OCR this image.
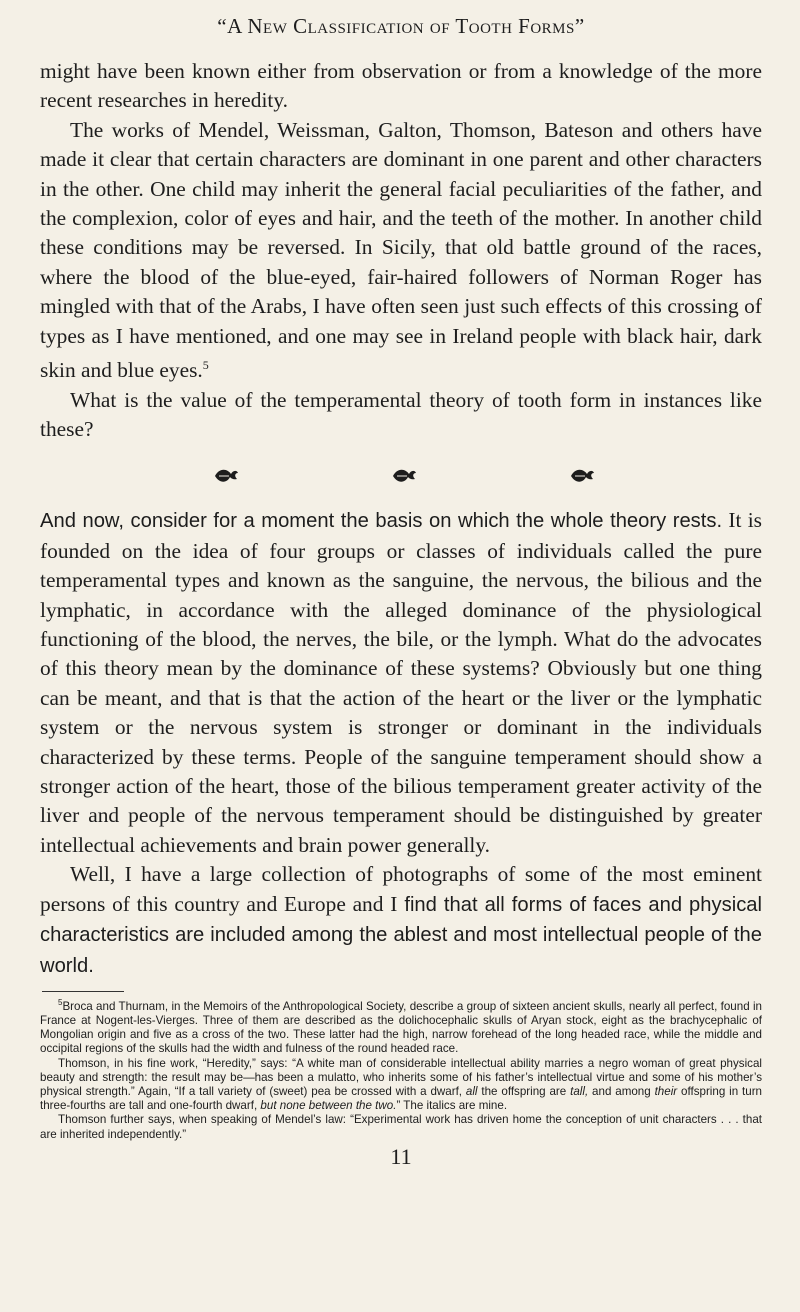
“A New Classification of Tooth Forms”

might have been known either from observation or from a knowledge of the more recent researches in heredity.

The works of Mendel, Weissman, Galton, Thomson, Bateson and others have made it clear that certain characters are dominant in one parent and other characters in the other. One child may inherit the general facial peculiarities of the father, and the complexion, color of eyes and hair, and the teeth of the mother. In another child these conditions may be reversed. In Sicily, that old battle ground of the races, where the blood of the blue-eyed, fair-haired followers of Norman Roger has mingled with that of the Arabs, I have often seen just such effects of this crossing of types as I have mentioned, and one may see in Ireland people with black hair, dark skin and blue eyes.$^5$

What is the value of the temperamental theory of tooth form in instances like these?

And now, consider for a moment the basis on which the whole theory rests. It is founded on the idea of four groups or classes of individuals called the pure temperamental types and known as the sanguine, the nervous, the bilious and the lymphatic, in accordance with the alleged dominance of the physiological functioning of the blood, the nerves, the bile, or the lymph. What do the advocates of this theory mean by the dominance of these systems? Obviously but one thing can be meant, and that is that the action of the heart or the liver or the lymphatic system or the nervous system is stronger or dominant in the individuals characterized by these terms. People of the sanguine temperament should show a stronger action of the heart, those of the bilious temperament greater activity of the liver and people of the nervous temperament should be distinguished by greater intellectual achievements and brain power generally.

Well, I have a large collection of photographs of some of the most eminent persons of this country and Europe and I find that all forms of faces and physical characteristics are included among the ablest and most intellectual people of the world.

$^5$Broca and Thurnam, in the Memoirs of the Anthropological Society, describe a group of sixteen ancient skulls, nearly all perfect, found in France at Nogent-les-Vierges. Three of them are described as the dolichocephalic skulls of Aryan stock, eight as the brachycephalic of Mongolian origin and five as a cross of the two. These latter had the high, narrow forehead of the long headed race, while the middle and occipital regions of the skulls had the width and fulness of the round headed race.

Thomson, in his fine work, “Heredity,” says: “A white man of considerable intellectual ability marries a negro woman of great physical beauty and strength: the result may be—has been a mulatto, who inherits some of his father’s intellectual virtue and some of his mother’s physical strength.” Again, “If a tall variety of (sweet) pea be crossed with a dwarf, all the offspring are tall, and among their offspring in turn three-fourths are tall and one-fourth dwarf, but none between the two.” The italics are mine.

Thomson further says, when speaking of Mendel’s law: “Experimental work has driven home the conception of unit characters . . . that are inherited independently.”

11
